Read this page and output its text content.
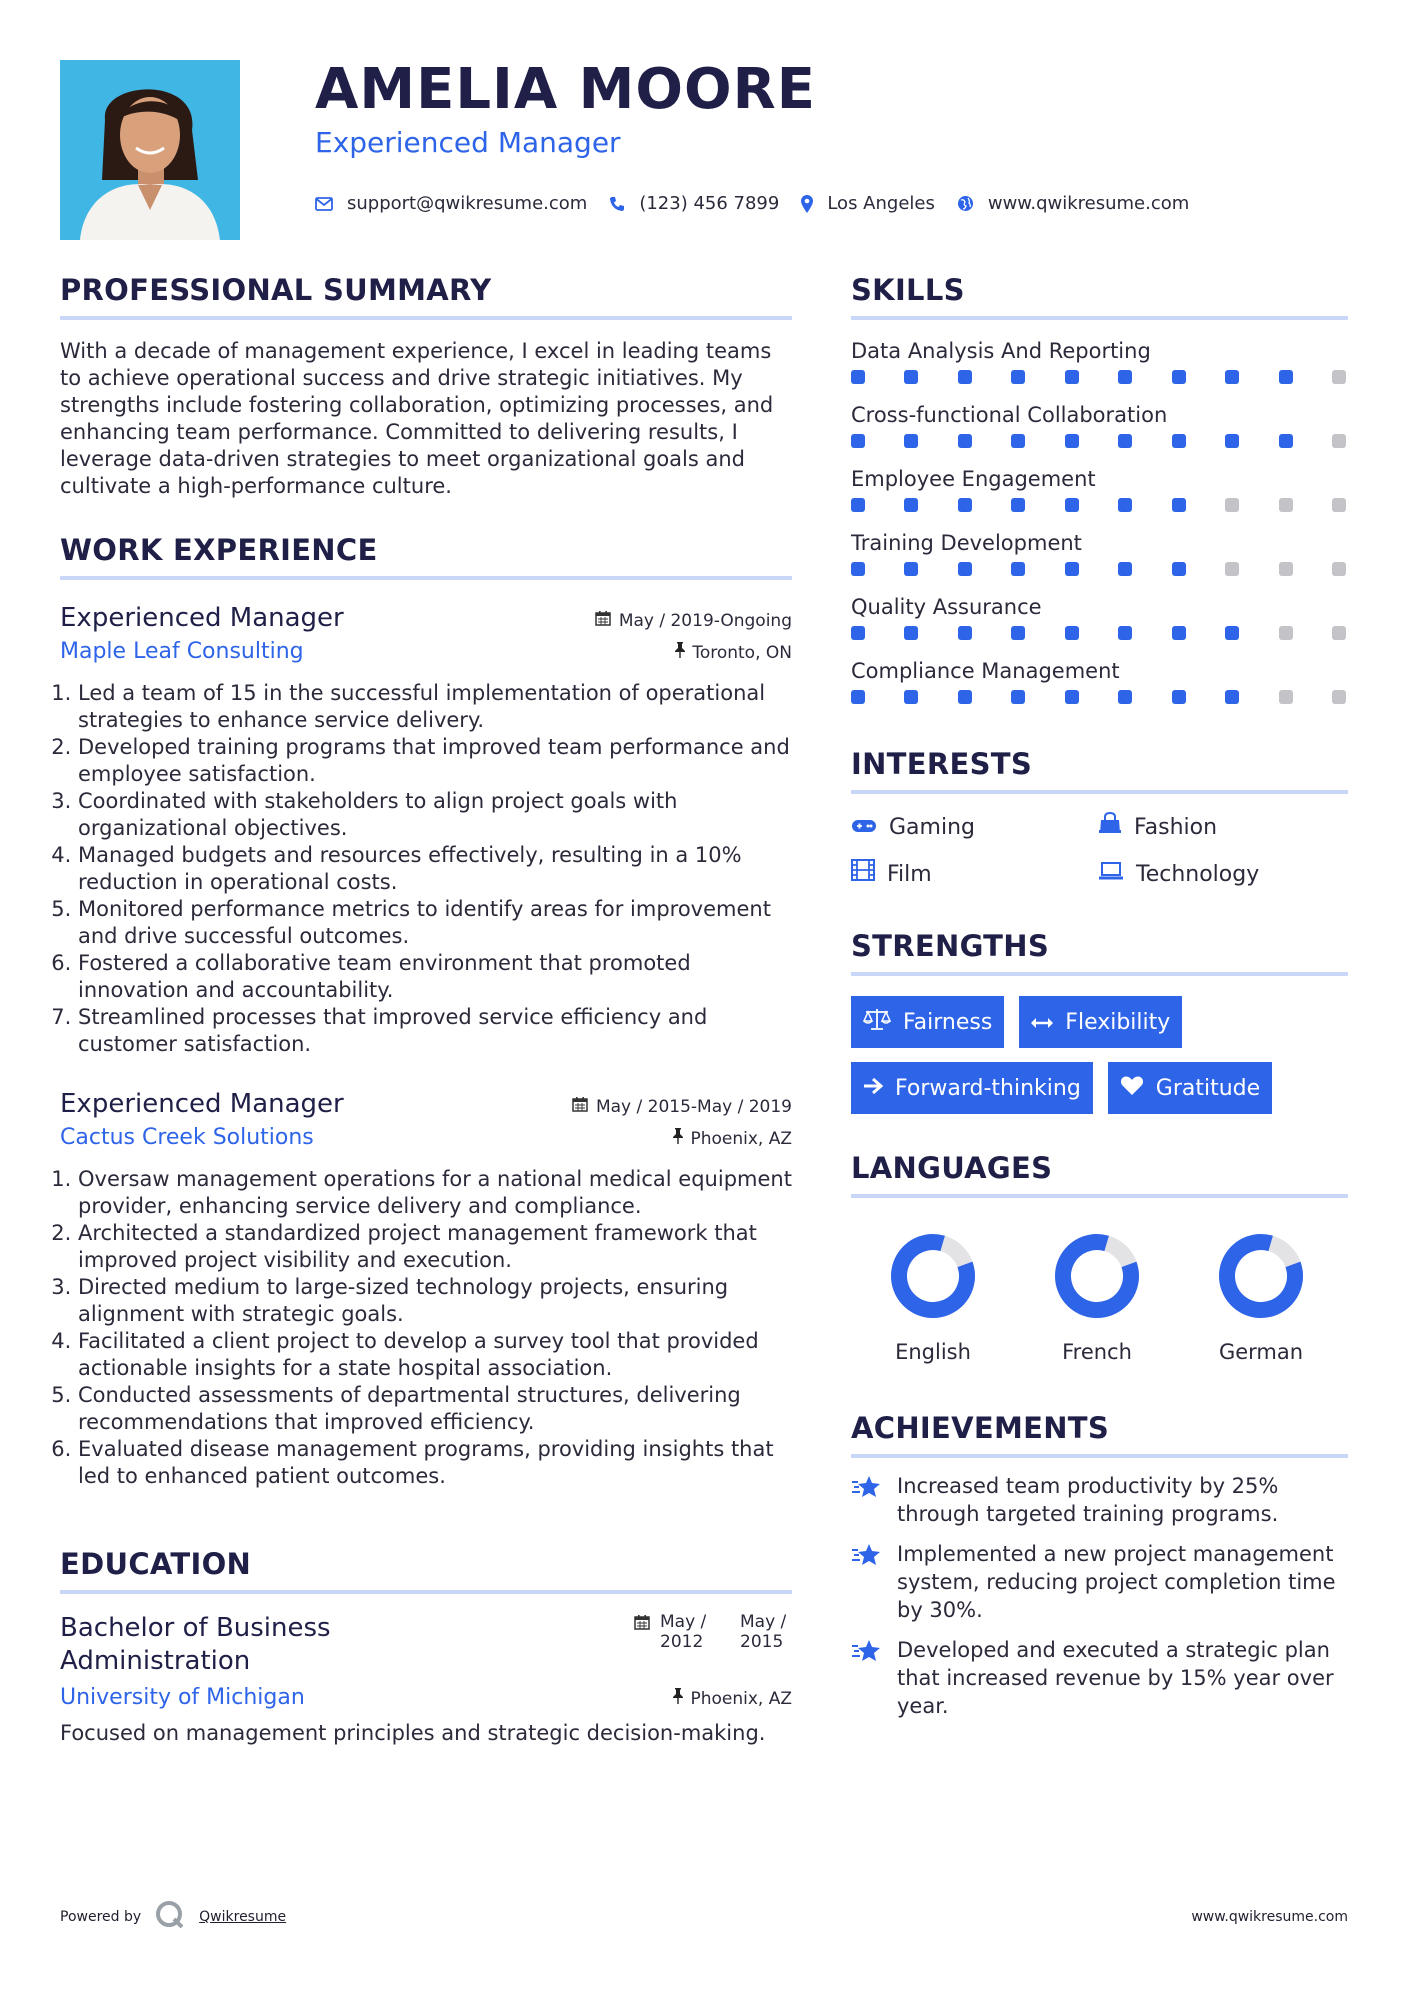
AMELIA MOORE
Experienced Manager
support@qwikresume.com	(123) 456 7899	Los Angeles	www.qwikresume.com
PROFESSIONAL SUMMARY
With a decade of management experience, I excel in leading teams to achieve operational success and drive strategic initiatives. My strengths include fostering collaboration, optimizing processes, and enhancing team performance. Committed to delivering results, I leverage data-driven strategies to meet organizational goals and cultivate a high-performance culture.
WORK EXPERIENCE
Experienced Manager	May / 2019-Ongoing
Maple Leaf Consulting	Toronto, ON
1. Led a team of 15 in the successful implementation of operational strategies to enhance service delivery.
2. Developed training programs that improved team performance and employee satisfaction.
3. Coordinated with stakeholders to align project goals with organizational objectives.
4. Managed budgets and resources effectively, resulting in a 10% reduction in operational costs.
5. Monitored performance metrics to identify areas for improvement and drive successful outcomes.
6. Fostered a collaborative team environment that promoted innovation and accountability.
7. Streamlined processes that improved service efficiency and customer satisfaction.
Experienced Manager	May / 2015-May / 2019
Cactus Creek Solutions	Phoenix, AZ
1. Oversaw management operations for a national medical equipment provider, enhancing service delivery and compliance.
2. Architected a standardized project management framework that improved project visibility and execution.
3. Directed medium to large-sized technology projects, ensuring alignment with strategic goals.
4. Facilitated a client project to develop a survey tool that provided actionable insights for a state hospital association.
5. Conducted assessments of departmental structures, delivering recommendations that improved efficiency.
6. Evaluated disease management programs, providing insights that led to enhanced patient outcomes.
EDUCATION
Bachelor of Business Administration
May / 2012
May / 2015
University of Michigan	Phoenix, AZ
Focused on management principles and strategic decision-making.
SKILLS
Data Analysis And Reporting
Cross-functional Collaboration
Employee Engagement
Training Development
Quality Assurance
Compliance Management
INTERESTS
Gaming	Fashion
Film	Technology
STRENGTHS
Fairness	Flexibility
Forward-thinking	Gratitude
LANGUAGES
English	French	German
ACHIEVEMENTS
Increased team productivity by 25% through targeted training programs.
Implemented a new project management system, reducing project completion time by 30%.
Developed and executed a strategic plan that increased revenue by 15% year over year.
Powered by	Qwikresume	www.qwikresume.com
